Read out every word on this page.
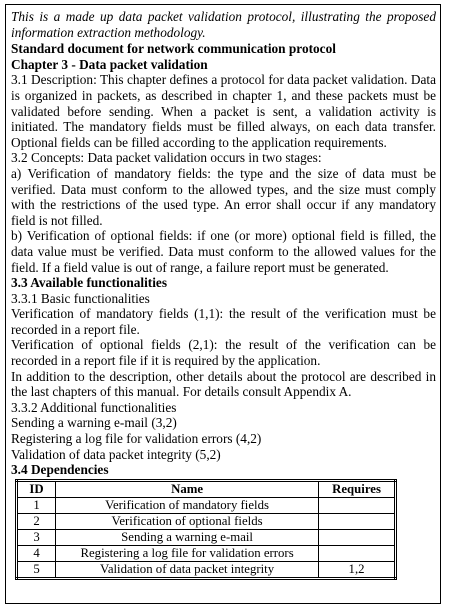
This is a made up data packet validation protocol, illustrating the proposed information extraction methodology.

Standard document for network communication protocol

Chapter 3 - Data packet validation

3.1 Description: This chapter defines a protocol for data packet validation. Data is organized in packets, as described in chapter 1, and these packets must be validated before sending. When a packet is sent, a validation activity is initiated. The mandatory fields must be filled always, on each data transfer. Optional fields can be filled according to the application requirements.

3.2 Concepts: Data packet validation occurs in two stages:

a) Verification of mandatory fields: the type and the size of data must be verified. Data must conform to the allowed types, and the size must comply with the restrictions of the used type. An error shall occur if any mandatory field is not filled.

b) Verification of optional fields: if one (or more) optional field is filled, the data value must be verified. Data must conform to the allowed values for the field. If a field value is out of range, a failure report must be generated.

3.3 Available functionalities

3.3.1 Basic functionalities

Verification of mandatory fields (1,1): the result of the verification must be recorded in a report file.

Verification of optional fields (2,1): the result of the verification can be recorded in a report file if it is required by the application.

In addition to the description, other details about the protocol are described in the last chapters of this manual. For details consult Appendix A.

3.3.2 Additional functionalities

Sending a warning e-mail (3,2)

Registering a log file for validation errors (4,2)

Validation of data packet integrity (5,2)

3.4 Dependencies

ID	Name	Requires
1	Verification of mandatory fields	
2	Verification of optional fields	
3	Sending a warning e-mail	
4	Registering a log file for validation errors	
5	Validation of data packet integrity	1,2
